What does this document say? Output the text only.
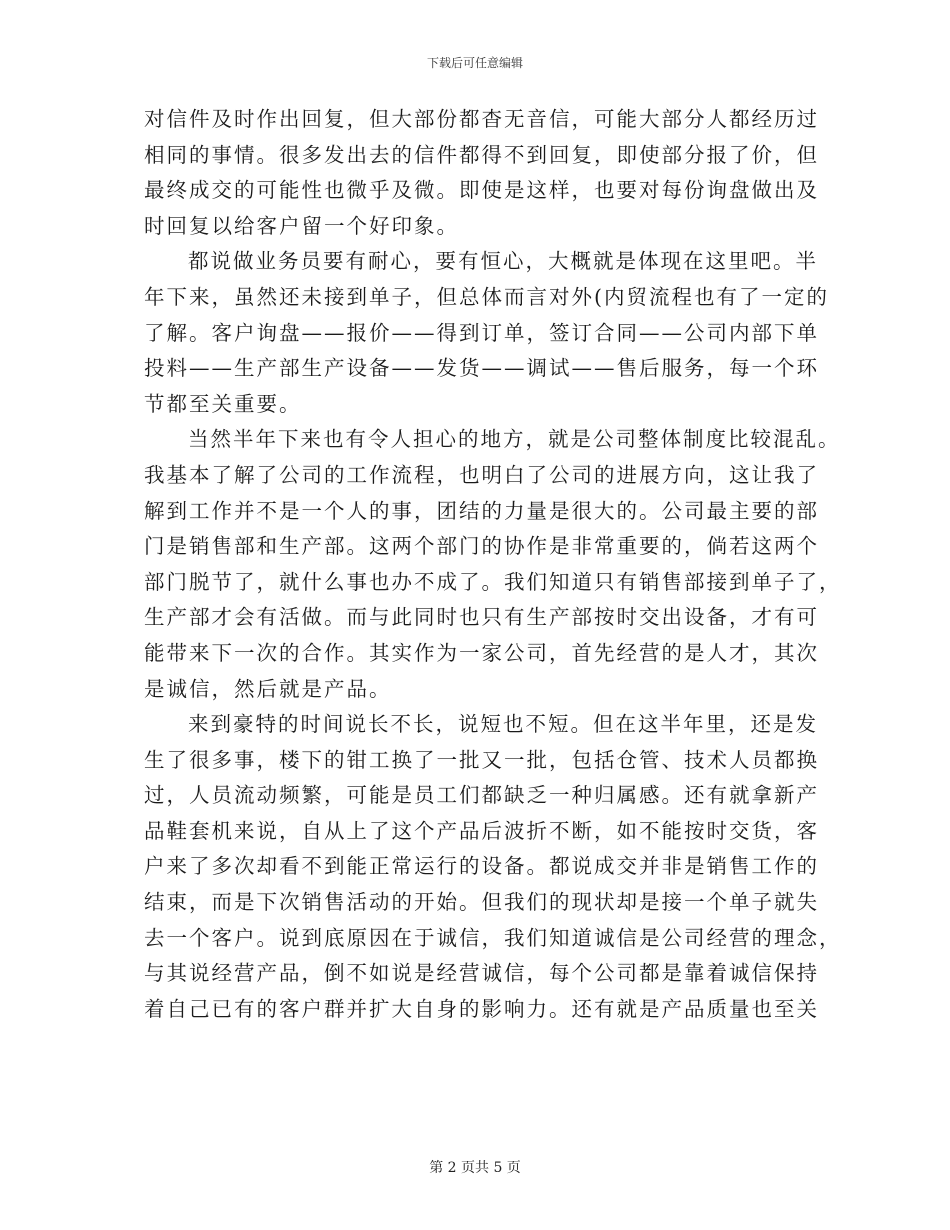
下载后可任意编辑
对信件及时作出回复，但大部份都杳无音信，可能大部分人都经历过
相同的事情。很多发出去的信件都得不到回复，即使部分报了价，但
最终成交的可能性也微乎及微。即使是这样，也要对每份询盘做出及
时回复以给客户留一个好印象。
都说做业务员要有耐心，要有恒心，大概就是体现在这里吧。半
年下来，虽然还未接到单子，但总体而言对外(内贸流程也有了一定的
了解。客户询盘——报价——得到订单，签订合同——公司内部下单
投料——生产部生产设备——发货——调试——售后服务，每一个环
节都至关重要。
当然半年下来也有令人担心的地方，就是公司整体制度比较混乱。
我基本了解了公司的工作流程，也明白了公司的进展方向，这让我了
解到工作并不是一个人的事，团结的力量是很大的。公司最主要的部
门是销售部和生产部。这两个部门的协作是非常重要的，倘若这两个
部门脱节了，就什么事也办不成了。我们知道只有销售部接到单子了，
生产部才会有活做。而与此同时也只有生产部按时交出设备，才有可
能带来下一次的合作。其实作为一家公司，首先经营的是人才，其次
是诚信，然后就是产品。
来到豪特的时间说长不长，说短也不短。但在这半年里，还是发
生了很多事，楼下的钳工换了一批又一批，包括仓管、技术人员都换
过，人员流动频繁，可能是员工们都缺乏一种归属感。还有就拿新产
品鞋套机来说，自从上了这个产品后波折不断，如不能按时交货，客
户来了多次却看不到能正常运行的设备。都说成交并非是销售工作的
结束，而是下次销售活动的开始。但我们的现状却是接一个单子就失
去一个客户。说到底原因在于诚信，我们知道诚信是公司经营的理念，
与其说经营产品，倒不如说是经营诚信，每个公司都是靠着诚信保持
着自己已有的客户群并扩大自身的影响力。还有就是产品质量也至关
第 2 页共 5 页
